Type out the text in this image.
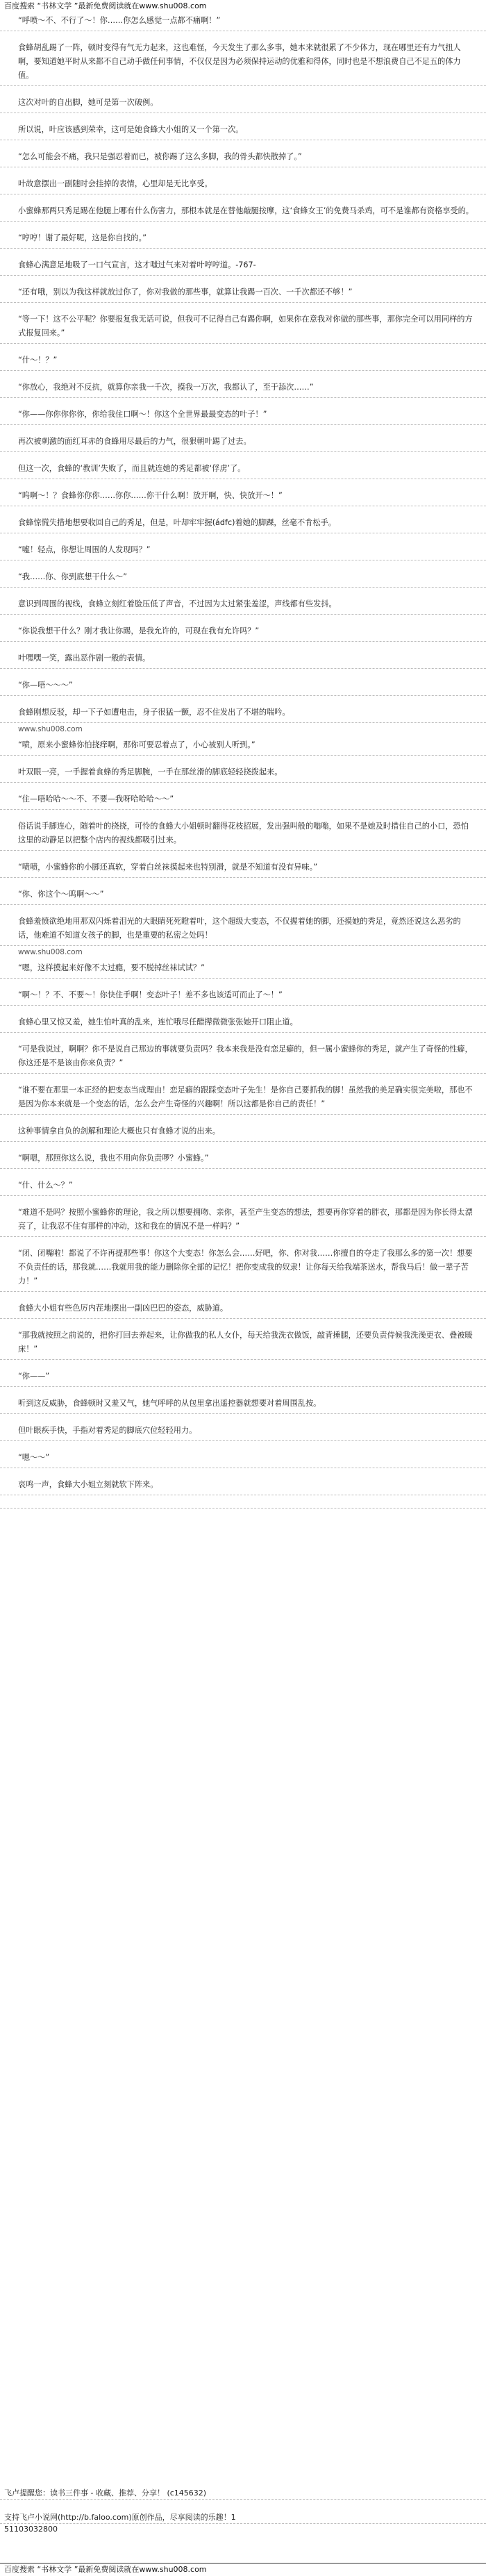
百度搜索 “书林文学 ”最新免费阅读就在www.shu008.com

“呼喷～不、不行了～！你……你怎么感觉一点都不痛啊！”

食蜂胡乱踢了一阵，顿时变得有气无力起来，这也难怪，今天发生了那么多事，她本来就很累了不少体力，现在哪里还有力气扭人啊，要知道她平时从来都不自己动手做任何事情，不仅仅是因为必须保持运动的优雅和得体，同时也是不想浪费自己不足五的体力值。

这次对叶的自出脚，她可是第一次破例。

所以说，叶应该感到荣幸，这可是她食蜂大小姐的又一个第一次。

“怎么可能会不痛，我只是强忍着而已，被你踢了这么多脚，我的骨头都快散掉了。”

叶故意摆出一副随时会挂掉的表情，心里却是无比享受。

小蜜蜂那两只秀足踢在他腿上哪有什么伤害力，那根本就是在替他敲腿按摩，这‘食蜂女王’的免费马杀鸡，可不是谁都有资格享受的。

“哼哼！谢了最好呢，这是你自找的。”

食蜂心满意足地吸了一口气宣言，这才嗤过气来对着叶哼哼道。-767-

“还有哦，别以为我这样就放过你了，你对我做的那些事，就算让我踢一百次、一千次都还不够！”

“等一下！这不公平呢？你要报复我无话可说，但我可不记得自己有踢你啊，如果你在意我对你做的那些事，那你完全可以用同样的方式报复回来。”

“什～！？”

“你放心，我绝对不反抗，就算你亲我一千次，摸我一万次，我都认了，至于舔次……”

“你——你你你你你，你给我住口啊～！你这个全世界最最变态的叶子！”

再次被刺激的面红耳赤的食蜂用尽最后的力气，很狠朝叶踢了过去。

但这一次，食蜂的‘教训’失败了，而且就连她的秀足都被‘俘虏’了。

“呜啊～！？食蜂你你你……你你……你干什么啊！放开啊，快、快放开～！”

食蜂惊慌失措地想要收回自己的秀足，但是，叶却牢牢握(ádfc)着她的脚踝，丝毫不肯松手。

“嘘！轻点，你想让周围的人发现吗？”

“我……你、你到底想干什么～”

意识到周围的视线，食蜂立刻红着脸压低了声音，不过因为太过紧张羞涩，声线都有些发抖。

“你说我想干什么？刚才我让你踢，是我允许的，可现在我有允许吗？”

叶嘿嘿一笑，露出恶作剧一般的表情。

“你—唔～～～”

食蜂刚想反驳，却一下子如遭电击，身子很猛一颤，忍不住发出了不堪的喘吟。

www.shu008.com

“喷，原来小蜜蜂你怕挠痒啊，那你可要忍着点了，小心被别人听到。”

叶双眼一亮，一手握着食蜂的秀足脚腕，一手在那丝滑的脚底轻轻挠拨起来。

“住—唔哈哈～～不、不要—我呀哈哈哈～～”

俗话说手脚连心，随着叶的挠挠，可怜的食蜂大小姐顿时翻得花枝招展，发出强叫般的嗡嗡，如果不是她及时措住自己的小口，恐怕这里的动静足以把整个店内的视线都吸引过来。

“啧啧，小蜜蜂你的小脚还真软，穿着白丝袜摸起来也特别滑，就是不知道有没有异味。”

“你、你这个～呜啊～～”

食蜂羞愤欲绝地用那双闪烁着泪光的大眼睛死死瞪着叶，这个超级大变态，不仅握着她的脚，还摸她的秀足，竟然还说这么恶劣的话，他难道不知道女孩子的脚，也是重要的私密之处吗！

www.shu008.com

“嗯，这样摸起来好像不太过瘾，要不脱掉丝袜试试？”

“啊～！？不、不要～！你快住手啊！变态叶子！差不多也该适可而止了～！”

食蜂心里又惊又羞，她生怕叶真的乱来，连忙哦尽任醋撵微微张张她开口阻止道。

“可是我说过，啊啊？你不是说自己那边的事就要负责吗？我本来我是没有恋足癖的，但一属小蜜蜂你的秀足，就产生了奇怪的性癖，你这还是不是该由你来负责？”

“谁不要在那里一本正经的把变态当成理由！恋足癖的跟踩变态叶子先生！是你自己要抓我的脚！虽然我的美足确实很完美啦，那也不是因为你本来就是一个变态的话，怎么会产生奇怪的兴趣啊！所以这都是你自己的责任！”

这种事情拿自负的剑解和理论大概也只有食蜂才说的出来。

“啊嗯，那照你这么说，我也不用向你负责啰？小蜜蜂。”

“什、什么～？”

“难道不是吗？按照小蜜蜂你的理论，我之所以想要拥吻、亲你，甚至产生变态的想法，想要再你穿着的胖衣，那都是因为你长得太漂亮了，让我忍不住有那样的冲动，这和我在的情况不是一样吗？”

“闭、闭嘴啦！都说了不许再提那些事！你这个大变态！你怎么会……好吧，你、你对我……你擅自的夺走了我那么多的第一次！想要不负责任的话，那我就……我就用我的能力删除你全部的记忆！把你变成我的奴隶！让你每天给我端茶送水，帮我马后！做一辈子苦力！”

食蜂大小姐有些色厉内茬地摆出一副凶巴巴的姿态，威胁道。

“那我就按照之前说的，把你打回去养起来，让你做我的私人女仆，每天给我洗衣做饭，敲背捶腿，还要负责侍候我洗澡更衣、叠被暖床！”

“你——”

听到这反威胁，食蜂顿时又羞又气，她气呼呼的从包里拿出遥控器就想要对着周围乱按。

但叶眼疾手快，手指对着秀足的脚底穴位轻轻用力。

“嗯～～”

哀鸣一声，食蜂大小姐立刻就软下阵来。

飞卢提醒您：读书三件事 - 收藏、推荐、分享！ (c145632)
支持飞卢小说网(http://b.faloo.com)原创作品，尽享阅读的乐趣！1
51103032800
百度搜索 “书林文学 ”最新免费阅读就在www.shu008.com
